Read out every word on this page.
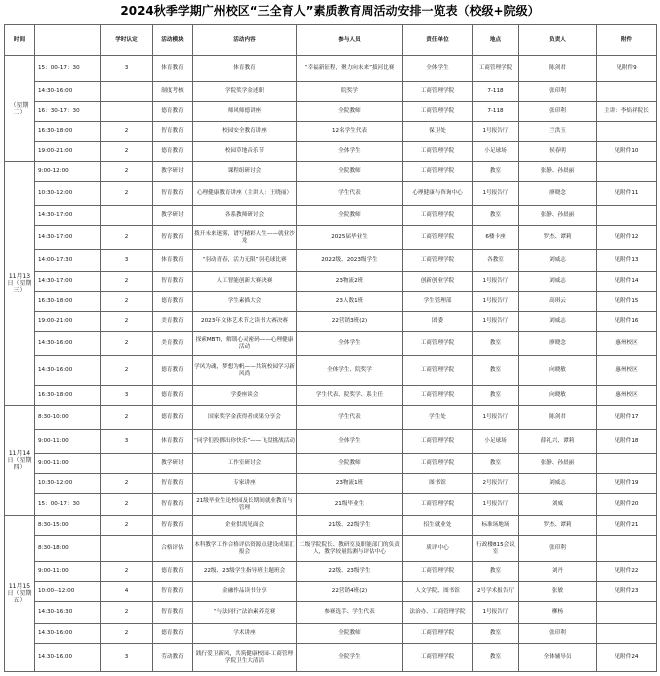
2024秋季学期广州校区“三全育人”素质教育周活动安排一览表（校级+院级）
时间		学时认定	活动模块	活动内容	参与人员	责任单位	地点	负责人	附件
（星期二）	15：00-17：30	3	体育教育	体育教育	“幸福新征程，聚力向未来”拔河比赛	全体学生	工商管理学院	陈剑君	见附件9
	14:30-16:00		制度考核	学院奖学金述职	院奖学	工商管理学院	7-118	张印利	
	16：30-17：30		德育教育	师风师德讲座	全院教师	工商管理学院	7-118	张印利	主讲：李焰祥院长
	16:30-18:00	2	智育教育	校园安全教育讲座	12名学生代表	保卫处	1号报告厅	兰洪玉	
	19:00-21:00	2	德育教育	校园草地音乐节	全体学生	工商管理学院	小足球场	侯春明	见附件10
11月13日（星期三）	9:00-12:00	2	教学研讨	课程组研讨会	全院教师	工商管理学院	教室	张静、孙晨丽	
	10:30-12:00	2	智育教育	心理健康教育讲座（主讲人：王晓丽）	学生代表	心理健康与咨询中心	1号报告厅	廖晓念	见附件11
	14:30-17:00		教学研讨	各系教师研讨会	全院教师	工商管理学院	教室	张静、孙晨丽	
	14:30-17:00	2	智育教育	拨开未来迷雾，谱写精彩人生——就业沙龙	2025届毕业生	工商管理学院	6楼卡座	罗杰、谭莉	见附件12
	14:00-17:30	3	体育教育	“羽动青春，活力无限”羽毛球比赛	2022级、2023级学生	工商管理学院	各教室	刘威志	见附件13
	14:30-17:00	2	智育教育	人工智能创新大赛决赛	23物流2班	创新创业学院	1号报告厅	刘威志	见附件14
	16:30-18:00	2	德育教育	学生素描大会	23人数1班	学生管理部	1号报告厅	高琪云	见附件15
	19:00-21:00	2	美育教育	2023年文体艺术节之读书大赛决赛	22营销3班(2)	团委	1号报告厅	刘威志	见附件16
	14:30-16:00	2	美育教育	探索MBTI，解锁心灵密码——心理健康活动	全体学生	工商管理学院	教室	廖晓念	惠州校区
	14:30-16:00	2	德育教育	学风为魂，梦想为帆——共筑校园学习新风尚	全体学生、院奖学	工商管理学院	教室	向晓敏	惠州校区
	16:30-18:00	3	德育教育	学委座谈会	学生代表、院奖学、系主任	工商管理学院	教室	向晓敏	惠州校区
11月14日（星期四）	8:30-10:00	2	德育教育	国家奖学金获得者成果分享会	学生代表	学生处	1号报告厅	陈剑君	见附件17
	9:00-11:00	3	体育教育	“同学们投掷出你快乐”——飞盘挑战活动	全体学生	工商管理学院	小足球场	薛礼兴、谭莉	见附件18
	9:00-11:00		教学研讨	工作室研讨会	全院教师	工商管理学院	教室	张静、孙晨丽	
	10:30-12:00	2	智育教育	专家讲座	23物流1班	图书馆	2号报告厅	刘威志	见附件19
	15：00-17：30	2	智育教育	21级毕业生论校园及长期间就业教育与管理	21级毕业生	工商管理学院	1号报告厅	刘威	见附件20
11月15日（星期五）	8:30-15:00	2	智育教育	企业供需见面会	21级、22级学生	招生就业处	标准场地场	罗杰、谭莉	见附件21
	8:30-18:00		合格评估	本科教学工作合格评估资源点建设成果汇报会	二级学院院长、教研室及职能部门的负责人，教学较量监测与评估中心	质评中心	行政楼815会议室	张印利	
	9:00-11:00	2	德育教育	22级、23级学生指导班主题班会	22级、23级学生	工商管理学院	教室	刘丹	见附件22
	10:00--12:00	4	智育教育	金融作品读书分享	22营销4班(2)	人文学院、图书馆	2号学术报告厅	张敏	见附件23
	14:30-16:30	2	智育教育	“与法同行”法治素养竞赛	参赛选手、学生代表	法治办、工商管理学院	1号报告厅	柳杨	
	14.30-16:00	2	德育教育	学术讲座	全院教师	工商管理学院	教室	张印利	
	14.30-16.00	3	劳动教育	践行爱卫新风，共筑健康校园-工商管理学院卫生大清洁	全院学生	工商管理学院	教室	全体辅导员	见附件24
